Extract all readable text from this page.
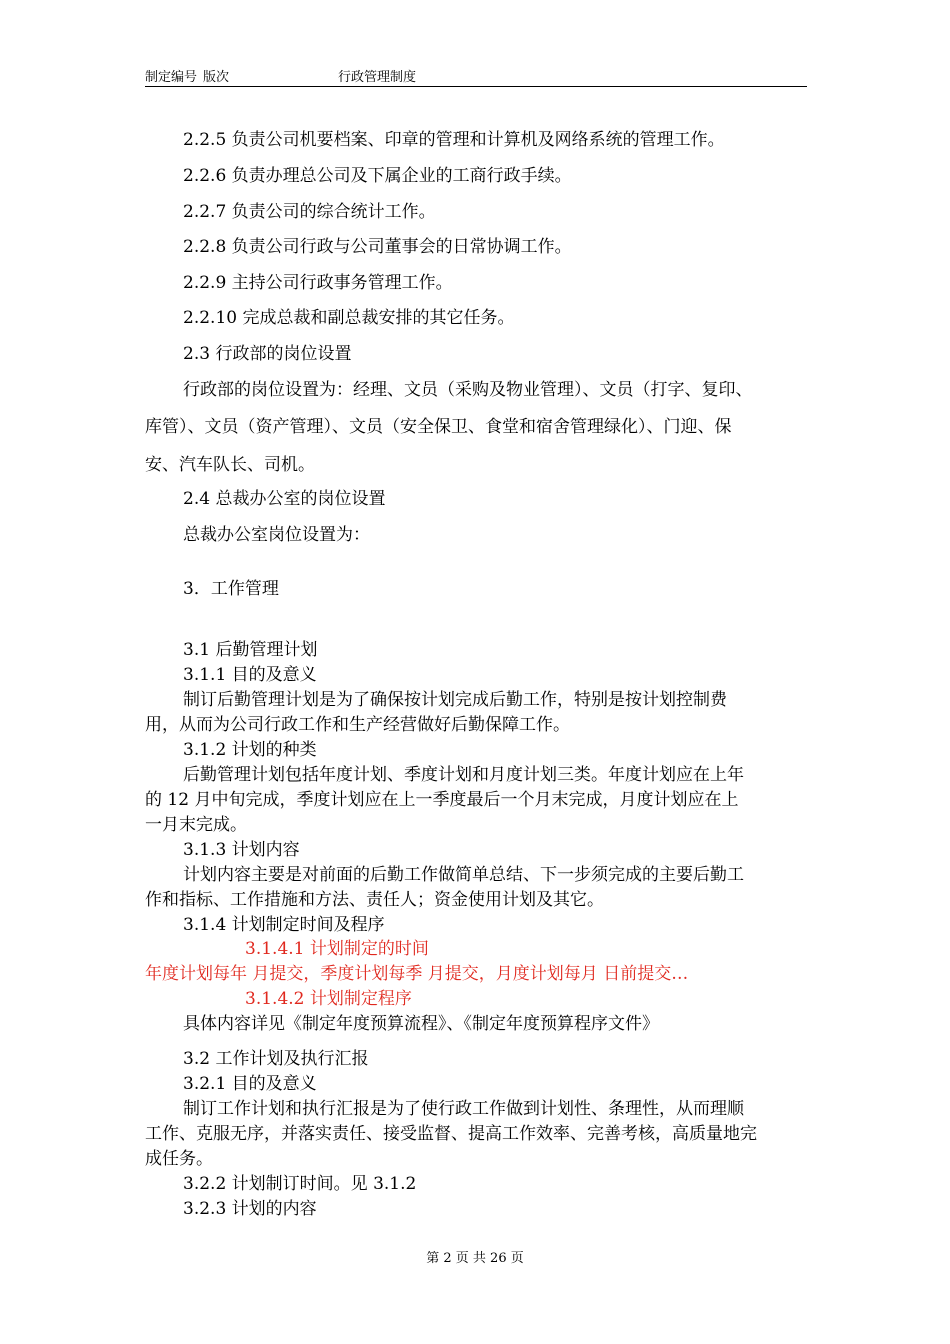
制定编号 版次	行政管理制度
2.2.5 负责公司机要档案、印章的管理和计算机及网络系统的管理工作。
2.2.6 负责办理总公司及下属企业的工商行政手续。
2.2.7 负责公司的综合统计工作。
2.2.8 负责公司行政与公司董事会的日常协调工作。
2.2.9 主持公司行政事务管理工作。
2.2.10 完成总裁和副总裁安排的其它任务。
2.3 行政部的岗位设置
行政部的岗位设置为：经理、文员（采购及物业管理）、文员（打字、复印、
库管）、文员（资产管理）、文员（安全保卫、食堂和宿舍管理绿化）、门迎、保
安、汽车队长、司机。
2.4 总裁办公室的岗位设置
总裁办公室岗位设置为：
3．工作管理
3.1 后勤管理计划
3.1.1 目的及意义
制订后勤管理计划是为了确保按计划完成后勤工作，特别是按计划控制费
用，从而为公司行政工作和生产经营做好后勤保障工作。
3.1.2 计划的种类
后勤管理计划包括年度计划、季度计划和月度计划三类。年度计划应在上年
的 12 月中旬完成，季度计划应在上一季度最后一个月末完成，月度计划应在上
一月末完成。
3.1.3 计划内容
计划内容主要是对前面的后勤工作做简单总结、下一步须完成的主要后勤工
作和指标、工作措施和方法、责任人；资金使用计划及其它。
3.1.4 计划制定时间及程序
3.1.4.1 计划制定的时间
年度计划每年 月提交，季度计划每季 月提交，月度计划每月 日前提交…
3.1.4.2 计划制定程序
具体内容详见《制定年度预算流程》、《制定年度预算程序文件》
3.2 工作计划及执行汇报
3.2.1 目的及意义
制订工作计划和执行汇报是为了使行政工作做到计划性、条理性，从而理顺
工作、克服无序，并落实责任、接受监督、提高工作效率、完善考核，高质量地完
成任务。
3.2.2 计划制订时间。见 3.1.2
3.2.3 计划的内容
第 2 页 共 26 页
